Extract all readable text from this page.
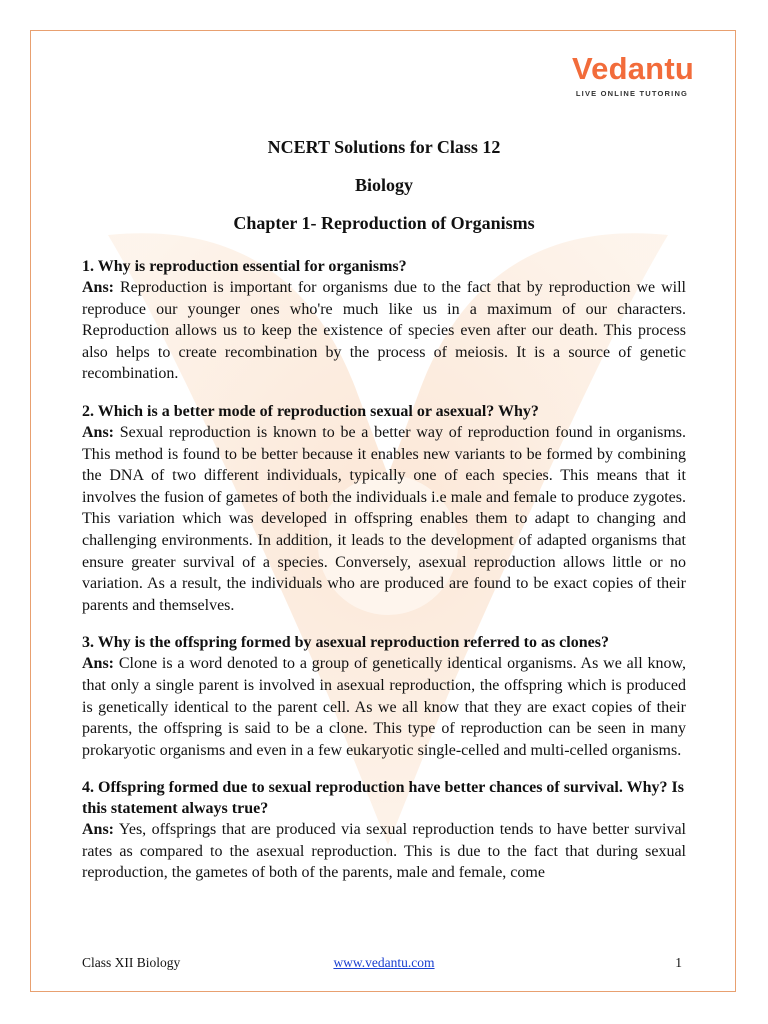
Vedantu
LIVE ONLINE TUTORING
NCERT Solutions for Class 12
Biology
Chapter 1- Reproduction of Organisms

1. Why is reproduction essential for organisms?

Ans: Reproduction is important for organisms due to the fact that by reproduction we will reproduce our younger ones who're much like us in a maximum of our characters. Reproduction allows us to keep the existence of species even after our death. This process also helps to create recombination by the process of meiosis. It is a source of genetic recombination.

2. Which is a better mode of reproduction sexual or asexual? Why?

Ans: Sexual reproduction is known to be a better way of reproduction found in organisms. This method is found to be better because it enables new variants to be formed by combining the DNA of two different individuals, typically one of each species. This means that it involves the fusion of gametes of both the individuals i.e male and female to produce zygotes. This variation which was developed in offspring enables them to adapt to changing and challenging environments. In addition, it leads to the development of adapted organisms that ensure greater survival of a species. Conversely, asexual reproduction allows little or no variation. As a result, the individuals who are produced are found to be exact copies of their parents and themselves.

3. Why is the offspring formed by asexual reproduction referred to as clones?

Ans: Clone is a word denoted to a group of genetically identical organisms. As we all know, that only a single parent is involved in asexual reproduction, the offspring which is produced is genetically identical to the parent cell. As we all know that they are exact copies of their parents, the offspring is said to be a clone. This type of reproduction can be seen in many prokaryotic organisms and even in a few eukaryotic single-celled and multi-celled organisms.

4. Offspring formed due to sexual reproduction have better chances of survival. Why? Is this statement always true?

Ans: Yes, offsprings that are produced via sexual reproduction tends to have better survival rates as compared to the asexual reproduction. This is due to the fact that during sexual reproduction, the gametes of both of the parents, male and female, come

Class XII Biology	www.vedantu.com	1
